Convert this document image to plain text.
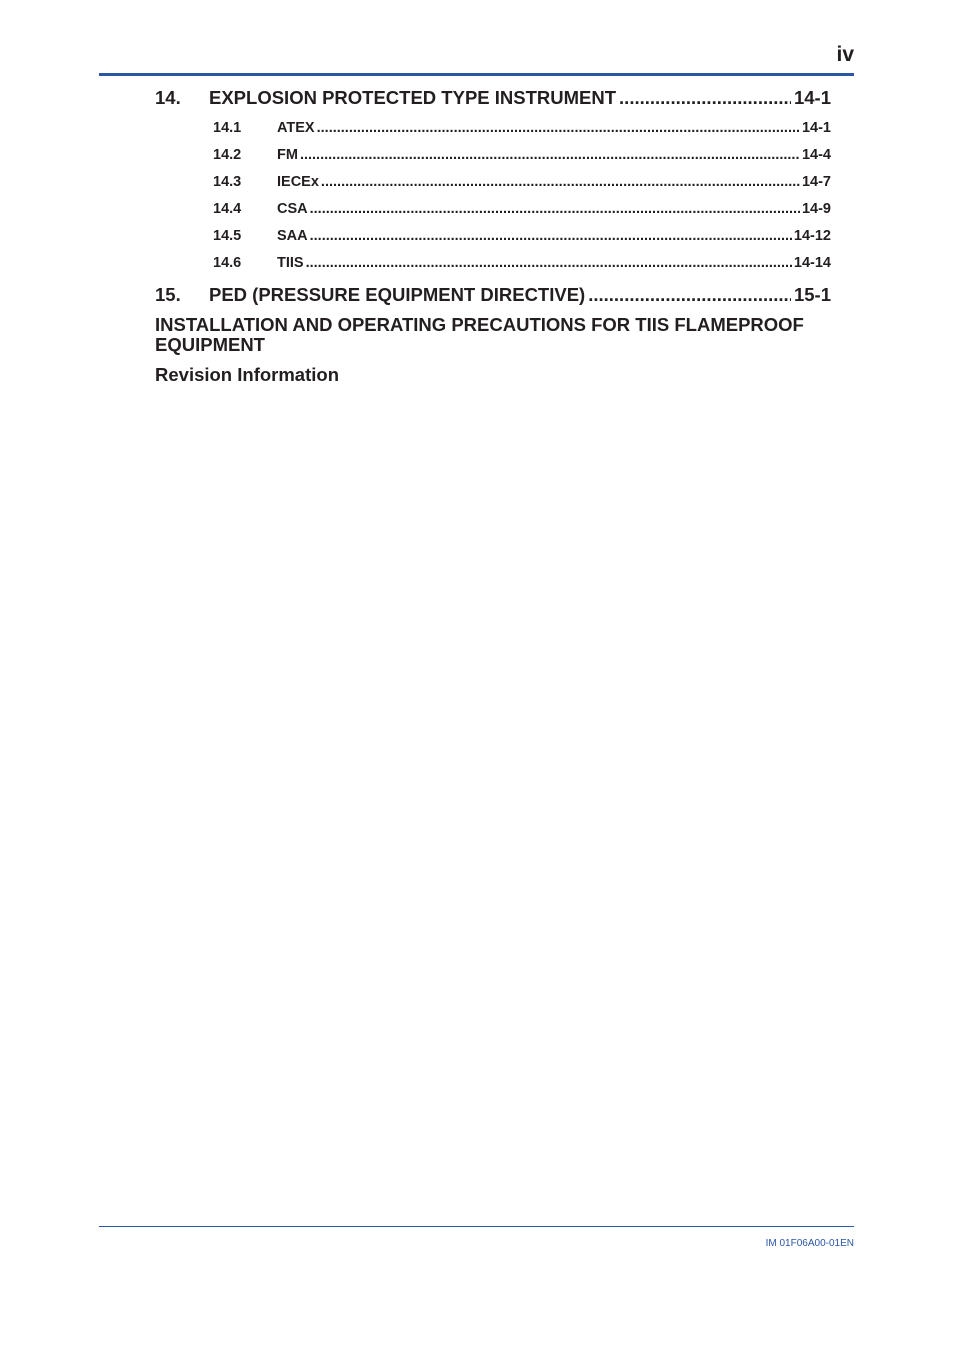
iv
14.	EXPLOSION PROTECTED TYPE INSTRUMENT .....	14-1
14.1	ATEX .....	14-1
14.2	FM .....	14-4
14.3	IECEx .....	14-7
14.4	CSA .....	14-9
14.5	SAA .....	14-12
14.6	TIIS .....	14-14
15.	PED (PRESSURE EQUIPMENT DIRECTIVE) .....	15-1
INSTALLATION AND OPERATING PRECAUTIONS FOR TIIS FLAMEPROOF EQUIPMENT
Revision Information
IM 01F06A00-01EN
